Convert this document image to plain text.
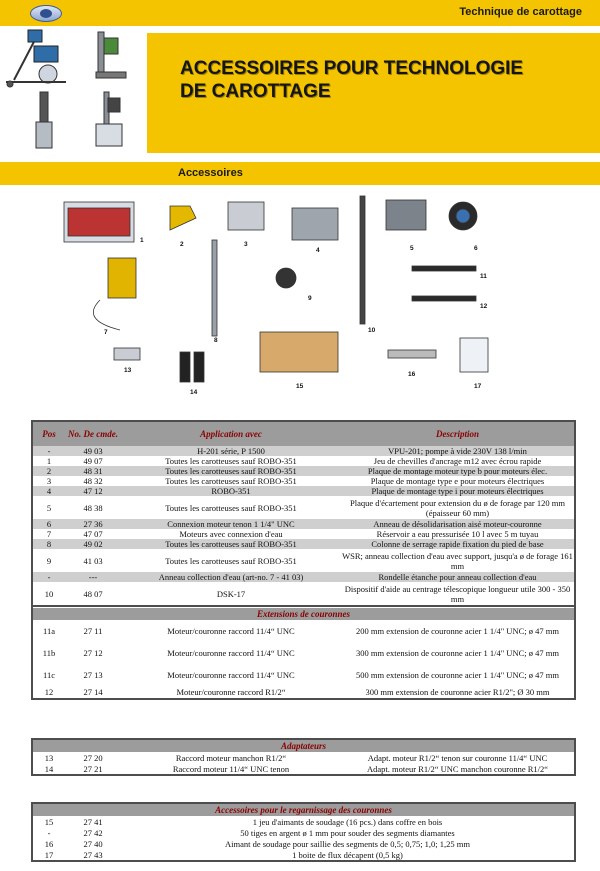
Technique de carottage
ACCESSOIRES POUR TECHNOLOGIE
DE CAROTTAGE
Accessoires
1
2	3
4	5	6
7
8
9
10
11
12
13
14
15
16
17
Pos	No. De cmde.	Application avec	Description
-	49 03	H-201 série, P 1500	VPU-201; pompe à vide 230V 138 l/min
1	49 07	Toutes les carotteuses sauf ROBO-351	Jeu de chevilles d'ancrage m12 avec écrou rapide
2	48 31	Toutes les carotteuses sauf ROBO-351	Plaque de montage moteur type b pour moteurs élec.
3	48 32	Toutes les carotteuses sauf ROBO-351	Plaque de montage type e pour moteurs électriques
4	47 12	ROBO-351	Plaque de montage type i pour moteurs électriques
5	48 38	Toutes les carotteuses sauf ROBO-351	Plaque d'écartement pour extension du ø de forage par 120 mm (épaisseur 60 mm)
6	27 36	Connexion moteur tenon 1 1/4" UNC	Anneau de désolidarisation aisé moteur-couronne
7	47 07	Moteurs avec connexion d'eau	Réservoir a eau pressurisée 10 l avec 5 m tuyau
8	49 02	Toutes les carotteuses sauf ROBO-351	Colonne de serrage rapide fixation du pied de base
9	41 03	Toutes les carotteuses sauf ROBO-351	WSR; anneau collection d'eau avec support, jusqu'a ø de forage 161 mm
-	---	Anneau collection d'eau (art-no. 7 - 41 03)	Rondelle étanche pour anneau collection d'eau
10	48 07	DSK-17	Dispositif d'aide au centrage télescopique longueur utile 300 - 350 mm
Extensions de couronnes
11a	27 11	Moteur/couronne raccord 11/4“ UNC	200 mm extension de couronne acier 1 1/4" UNC; ø 47 mm
11b	27 12	Moteur/couronne raccord 11/4“ UNC	300 mm extension de couronne acier 1 1/4" UNC; ø 47 mm
11c	27 13	Moteur/couronne raccord 11/4“ UNC	500 mm extension de couronne acier 1 1/4" UNC; ø 47 mm
12	27 14	Moteur/couronne raccord R1/2“	300 mm extension de couronne acier R1/2"; Ø 30 mm
Adaptateurs
13	27 20	Raccord moteur manchon R1/2“	Adapt. moteur R1/2“ tenon sur couronne 11/4“ UNC
14	27 21	Raccord moteur 11/4“ UNC tenon	Adapt. moteur R1/2“ UNC manchon couronne R1/2“
Accessoires pour le regarnissage des couronnes
15	27 41	1 jeu d'aimants de soudage (16 pcs.) dans coffre en bois
-	27 42	50 tiges en argent ø 1 mm pour souder des segments diamantes
16	27 40	Aimant de soudage pour saillie des segments de 0,5; 0,75; 1,0; 1,25 mm
17	27 43	1 boite de flux décapent (0,5 kg)
